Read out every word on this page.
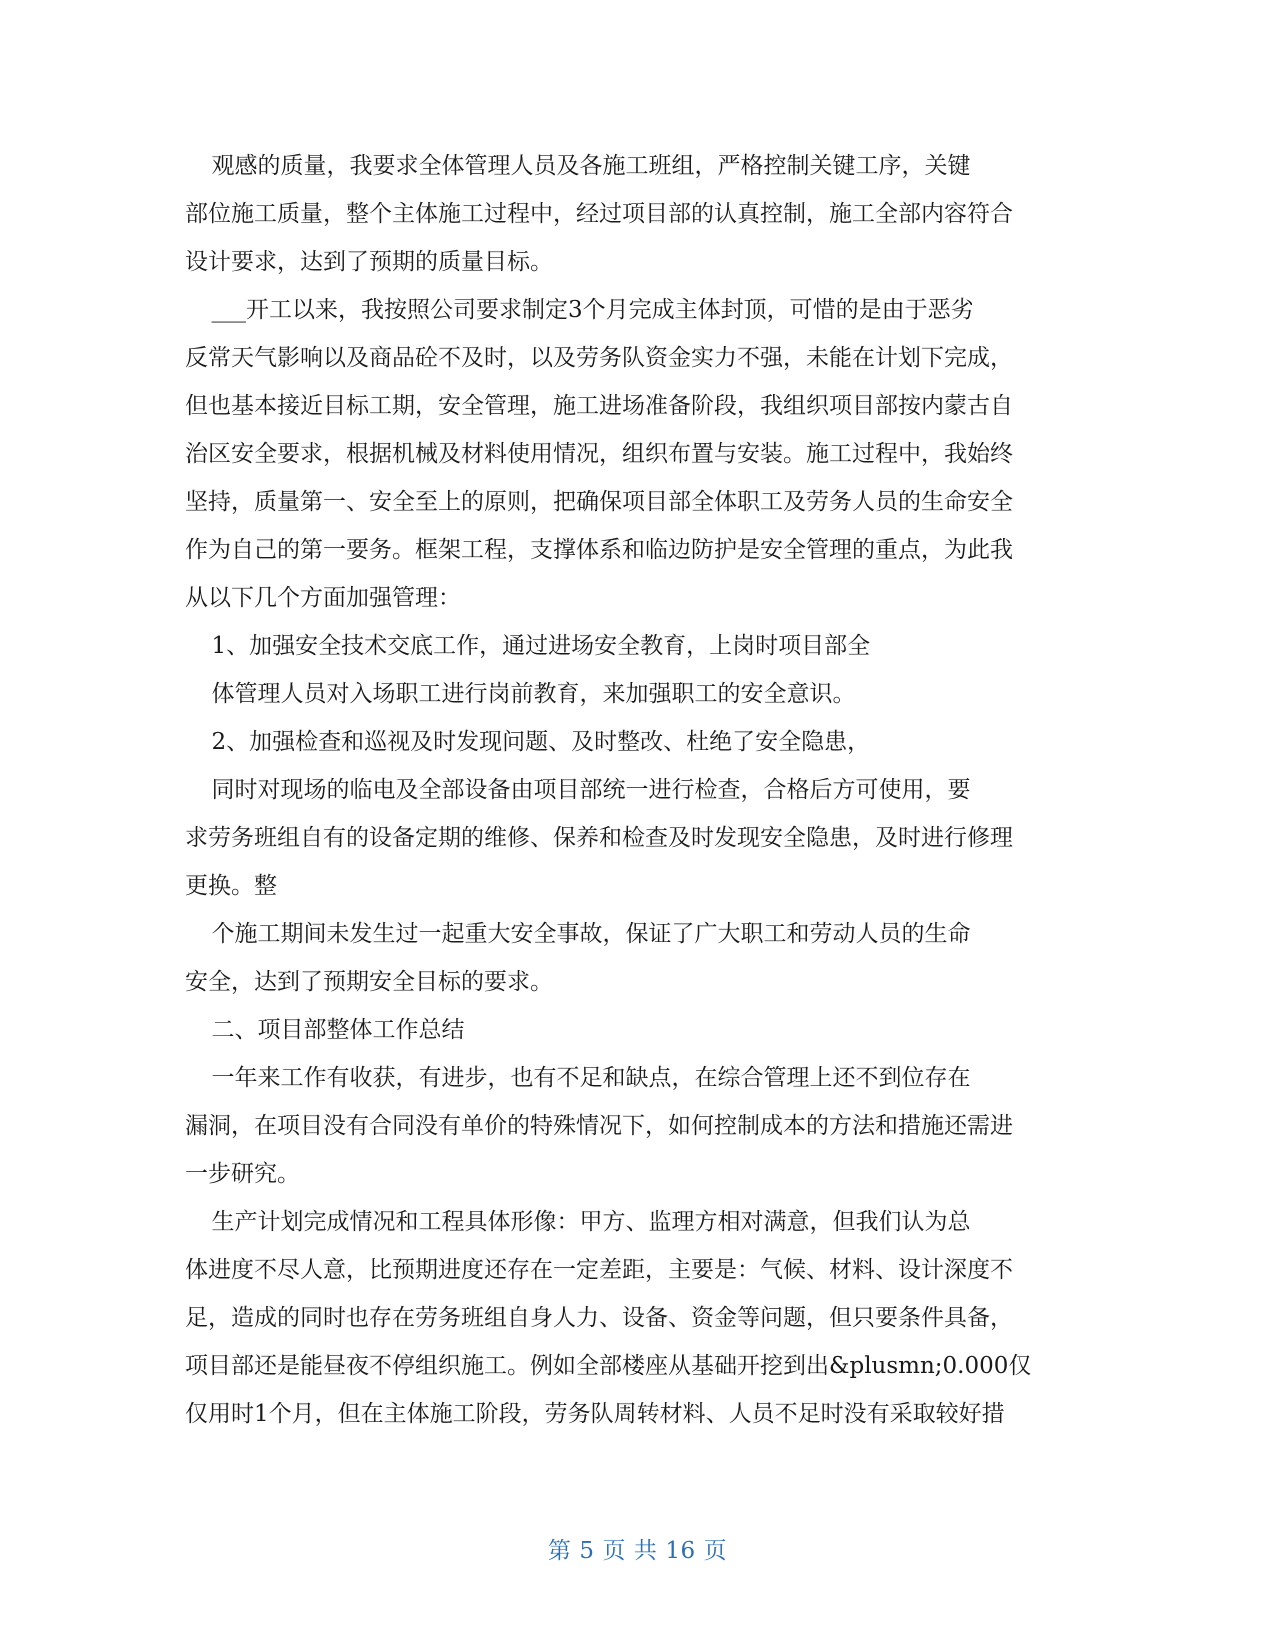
观感的质量，我要求全体管理人员及各施工班组，严格控制关键工序，关键

部位施工质量，整个主体施工过程中，经过项目部的认真控制，施工全部内容符合

设计要求，达到了预期的质量目标。

___开工以来，我按照公司要求制定3个月完成主体封顶，可惜的是由于恶劣

反常天气影响以及商品砼不及时，以及劳务队资金实力不强，未能在计划下完成，

但也基本接近目标工期，安全管理，施工进场准备阶段，我组织项目部按内蒙古自

治区安全要求，根据机械及材料使用情况，组织布置与安装。施工过程中，我始终

坚持，质量第一、安全至上的原则，把确保项目部全体职工及劳务人员的生命安全

作为自己的第一要务。框架工程，支撑体系和临边防护是安全管理的重点，为此我

从以下几个方面加强管理：

1、加强安全技术交底工作，通过进场安全教育，上岗时项目部全

体管理人员对入场职工进行岗前教育，来加强职工的安全意识。

2、加强检查和巡视及时发现问题、及时整改、杜绝了安全隐患，

同时对现场的临电及全部设备由项目部统一进行检查，合格后方可使用，要

求劳务班组自有的设备定期的维修、保养和检查及时发现安全隐患，及时进行修理

更换。整

个施工期间未发生过一起重大安全事故，保证了广大职工和劳动人员的生命

安全，达到了预期安全目标的要求。

二、项目部整体工作总结

一年来工作有收获，有进步，也有不足和缺点，在综合管理上还不到位存在

漏洞，在项目没有合同没有单价的特殊情况下，如何控制成本的方法和措施还需进

一步研究。

生产计划完成情况和工程具体形像：甲方、监理方相对满意，但我们认为总

体进度不尽人意，比预期进度还存在一定差距，主要是：气候、材料、设计深度不

足，造成的同时也存在劳务班组自身人力、设备、资金等问题，但只要条件具备，

项目部还是能昼夜不停组织施工。例如全部楼座从基础开挖到出&plusmn;0.000仅

仅用时1个月，但在主体施工阶段，劳务队周转材料、人员不足时没有采取较好措

第 5 页 共 16 页
